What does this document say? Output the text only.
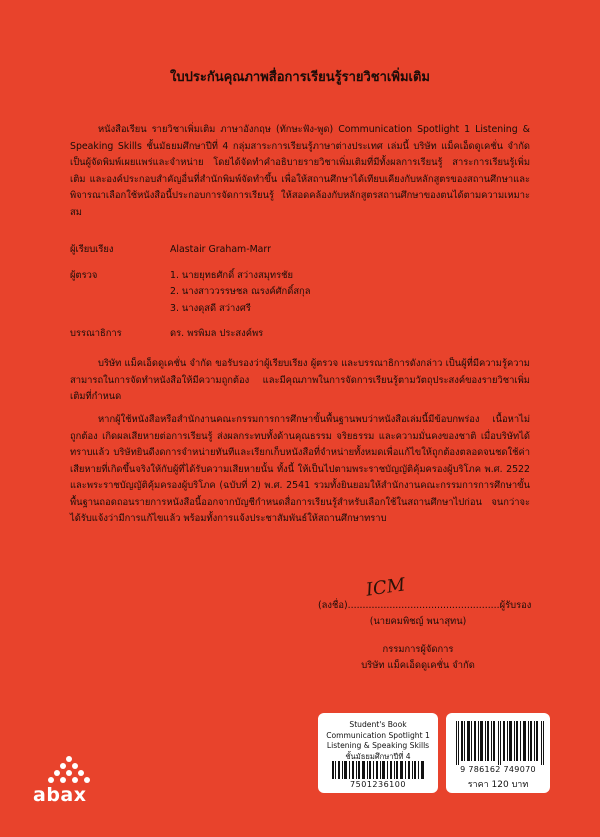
ใบประกันคุณภาพสื่อการเรียนรู้รายวิชาเพิ่มเติม
หนังสือเรียน รายวิชาเพิ่มเติม ภาษาอังกฤษ (ทักษะฟัง-พูด) Communication Spotlight 1 Listening & Speaking Skills ชั้นมัธยมศึกษาปีที่ 4 กลุ่มสาระการเรียนรู้ภาษาต่างประเทศ เล่มนี้ บริษัท แม็คเอ็ดดูเคชั่น จำกัด เป็นผู้จัดพิมพ์เผยแพร่และจำหน่าย โดยได้จัดทำคำอธิบายรายวิชาเพิ่มเติมที่มีทั้งผลการเรียนรู้ สาระการเรียนรู้เพิ่มเติม และองค์ประกอบสำคัญอื่นที่สำนักพิมพ์จัดทำขึ้น เพื่อให้สถานศึกษาได้เทียบเคียงกับหลักสูตรของสถานศึกษาและพิจารณาเลือกใช้หนังสือนี้ประกอบการจัดการเรียนรู้ ให้สอดคล้องกับหลักสูตรสถานศึกษาของตนได้ตามความเหมาะสม
ผู้เรียบเรียง	Alastair Graham-Marr
ผู้ตรวจ	1. นายยุทธศักดิ์ สว่างสมุทรชัย
2. นางสาววรรษชล ณรงค์ศักดิ์สกุล
3. นางดุสดี สว่างศรี
บรรณาธิการ	ดร. พรพิมล ประสงค์พร
บริษัท แม็คเอ็ดดูเคชั่น จำกัด ขอรับรองว่าผู้เรียบเรียง ผู้ตรวจ และบรรณาธิการดังกล่าว เป็นผู้ที่มีความรู้ความสามารถในการจัดทำหนังสือให้มีความถูกต้อง และมีคุณภาพในการจัดการเรียนรู้ตามวัตถุประสงค์ของรายวิชาเพิ่มเติมที่กำหนด
หากผู้ใช้หนังสือหรือสำนักงานคณะกรรมการการศึกษาขั้นพื้นฐานพบว่าหนังสือเล่มนี้มีข้อบกพร่อง เนื้อหาไม่ถูกต้อง เกิดผลเสียหายต่อการเรียนรู้ ส่งผลกระทบทั้งด้านคุณธรรม จริยธรรม และความมั่นคงของชาติ เมื่อบริษัทได้ทราบแล้ว บริษัทยินดีงดการจำหน่ายทันทีและเรียกเก็บหนังสือที่จำหน่ายทั้งหมดเพื่อแก้ไขให้ถูกต้องตลอดจนชดใช้ค่าเสียหายที่เกิดขึ้นจริงให้กับผู้ที่ได้รับความเสียหายนั้น ทั้งนี้ ให้เป็นไปตามพระราชบัญญัติคุ้มครองผู้บริโภค พ.ศ. 2522 และพระราชบัญญัติคุ้มครองผู้บริโภค (ฉบับที่ 2) พ.ศ. 2541 รวมทั้งยินยอมให้สำนักงานคณะกรรมการการศึกษาขั้นพื้นฐานถอดถอนรายการหนังสือนี้ออกจากบัญชีกำหนดสื่อการเรียนรู้สำหรับเลือกใช้ในสถานศึกษาไปก่อน จนกว่าจะได้รับแจ้งว่ามีการแก้ไขแล้ว พร้อมทั้งการแจ้งประชาสัมพันธ์ให้สถานศึกษาทราบ
ICM
(ลงชื่อ)...................................................ผู้รับรอง
(นายคมพิชญ์ พนาสุทน)
กรรมการผู้จัดการ
บริษัท แม็คเอ็ดดูเคชั่น จำกัด
Student's Book
Communication Spotlight 1
Listening & Speaking Skills
ชั้นมัธยมศึกษาปีที่ 4
7501236100
9 786162 749070
ราคา 120 บาท
abax
